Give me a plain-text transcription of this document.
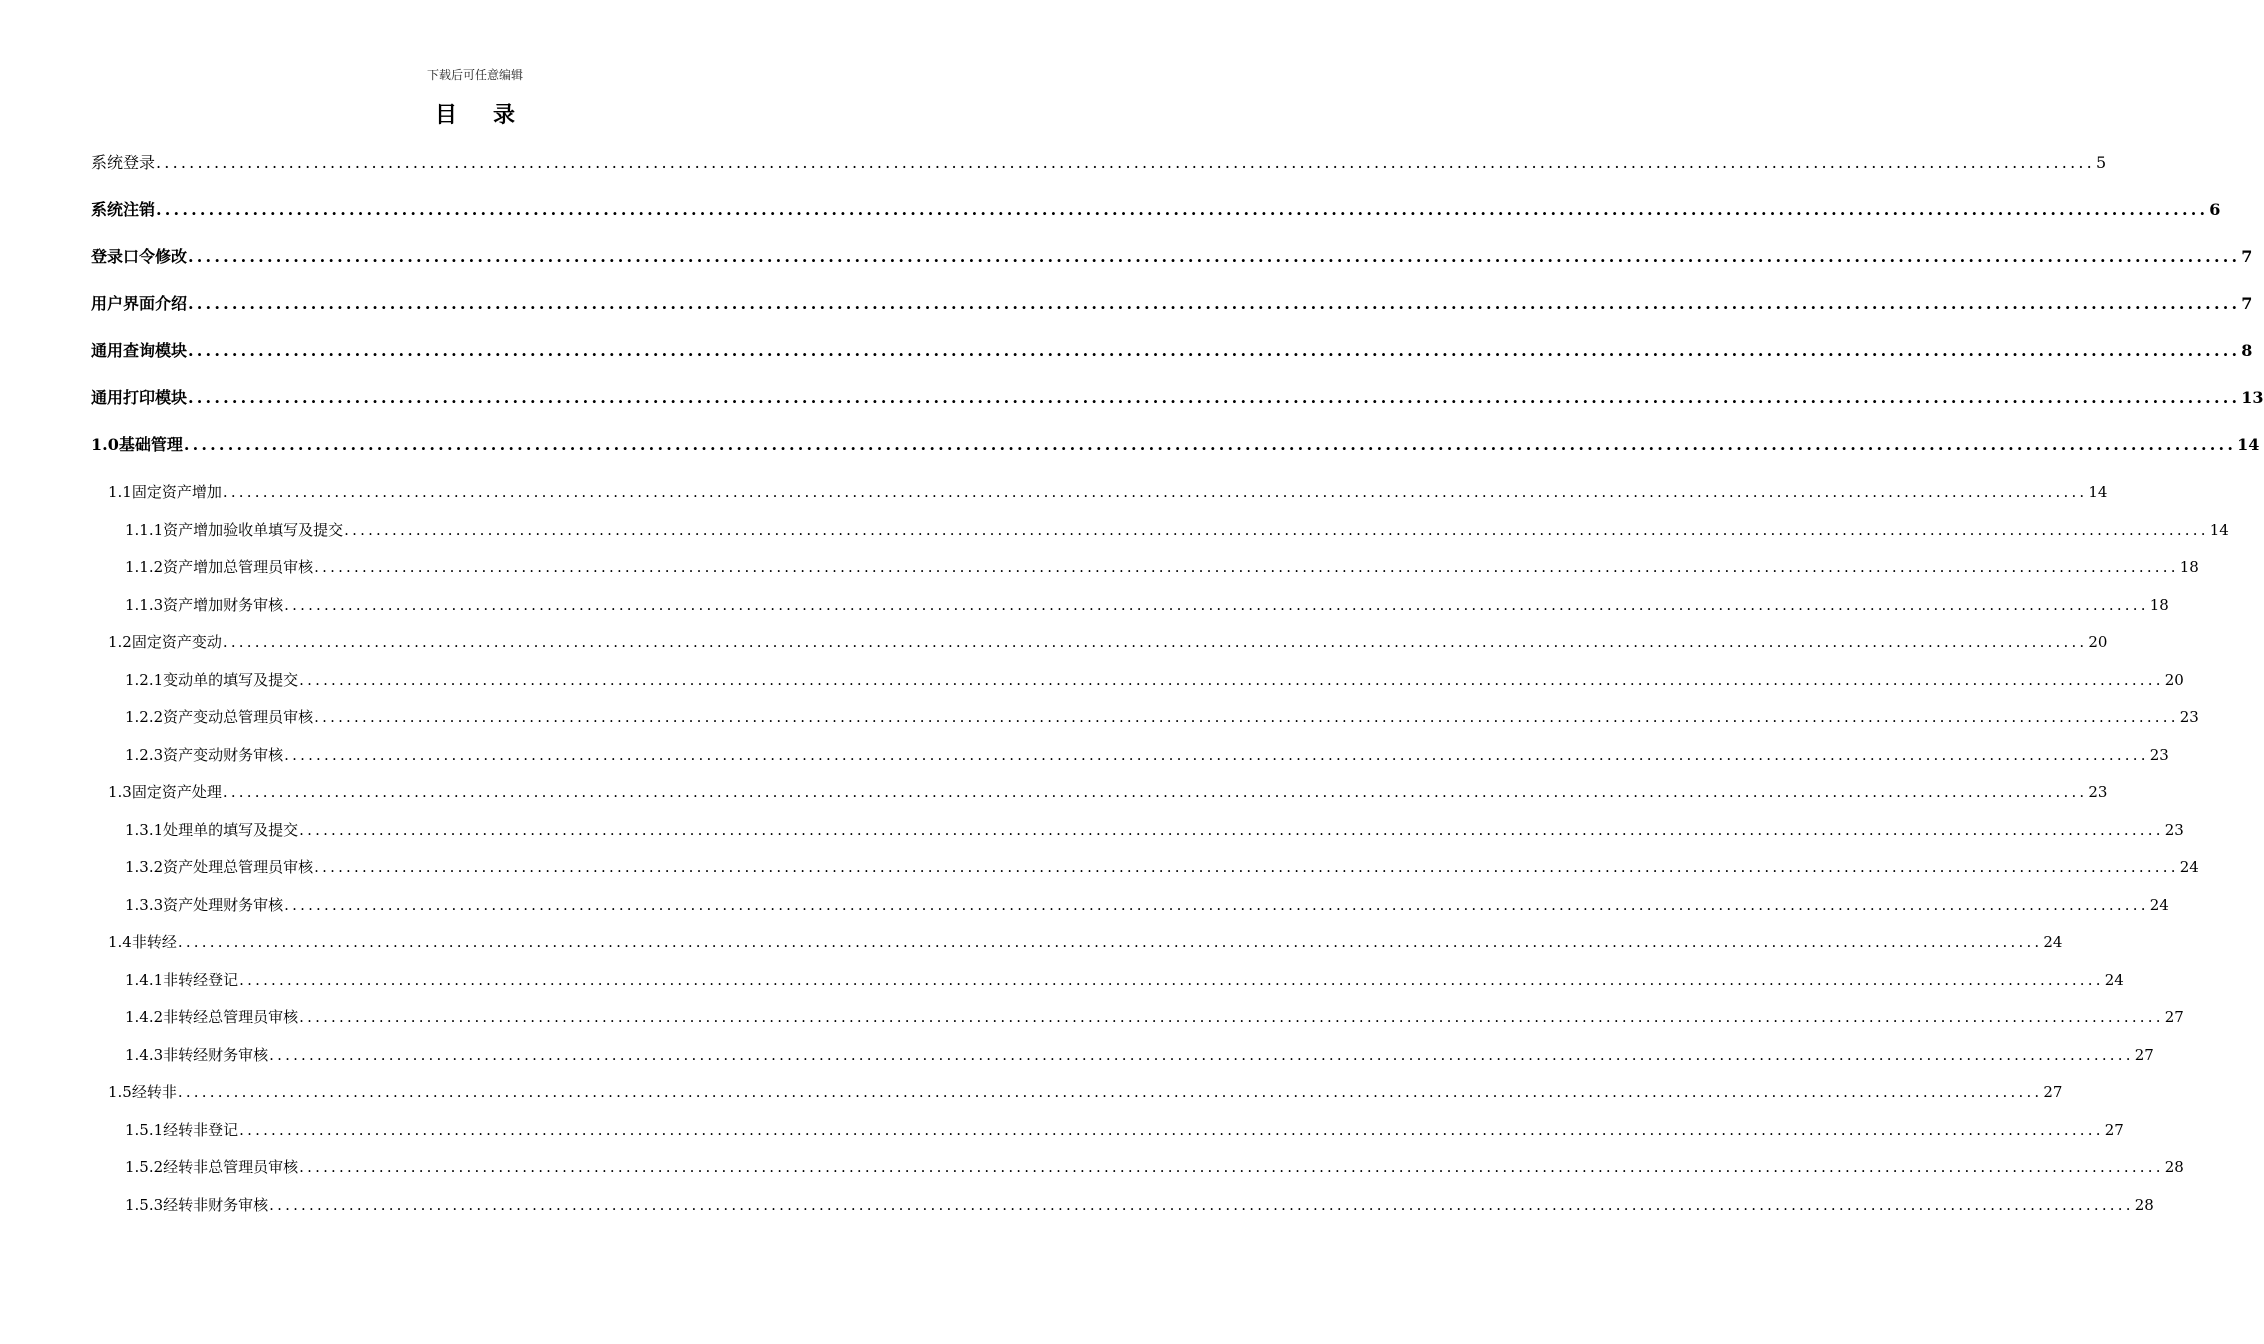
下载后可任意编辑
目录
系统登录 .......................................................................................................................................................................................................................................... 5
系统注销 .......................................................................................................................................................................................................................................... 6
登录口令修改 .......................................................................................................................................................................................................................................... 7
用户界面介绍 .......................................................................................................................................................................................................................................... 7
通用查询模块 .......................................................................................................................................................................................................................................... 8
通用打印模块 .......................................................................................................................................................................................................................................... 13
1.0基础管理 .......................................................................................................................................................................................................................................... 14
1.1固定资产增加 .......................................................................................................................................................................................................................................... 14
1.1.1资产增加验收单填写及提交 .......................................................................................................................................................................................................................................... 14
1.1.2资产增加总管理员审核 .......................................................................................................................................................................................................................................... 18
1.1.3资产增加财务审核 .......................................................................................................................................................................................................................................... 18
1.2固定资产变动 .......................................................................................................................................................................................................................................... 20
1.2.1变动单的填写及提交 .......................................................................................................................................................................................................................................... 20
1.2.2资产变动总管理员审核 .......................................................................................................................................................................................................................................... 23
1.2.3资产变动财务审核 .......................................................................................................................................................................................................................................... 23
1.3固定资产处理 .......................................................................................................................................................................................................................................... 23
1.3.1处理单的填写及提交 .......................................................................................................................................................................................................................................... 23
1.3.2资产处理总管理员审核 .......................................................................................................................................................................................................................................... 24
1.3.3资产处理财务审核 .......................................................................................................................................................................................................................................... 24
1.4非转经 .......................................................................................................................................................................................................................................... 24
1.4.1非转经登记 .......................................................................................................................................................................................................................................... 24
1.4.2非转经总管理员审核 .......................................................................................................................................................................................................................................... 27
1.4.3非转经财务审核 .......................................................................................................................................................................................................................................... 27
1.5经转非 .......................................................................................................................................................................................................................................... 27
1.5.1经转非登记 .......................................................................................................................................................................................................................................... 27
1.5.2经转非总管理员审核 .......................................................................................................................................................................................................................................... 28
1.5.3经转非财务审核 .......................................................................................................................................................................................................................................... 28
